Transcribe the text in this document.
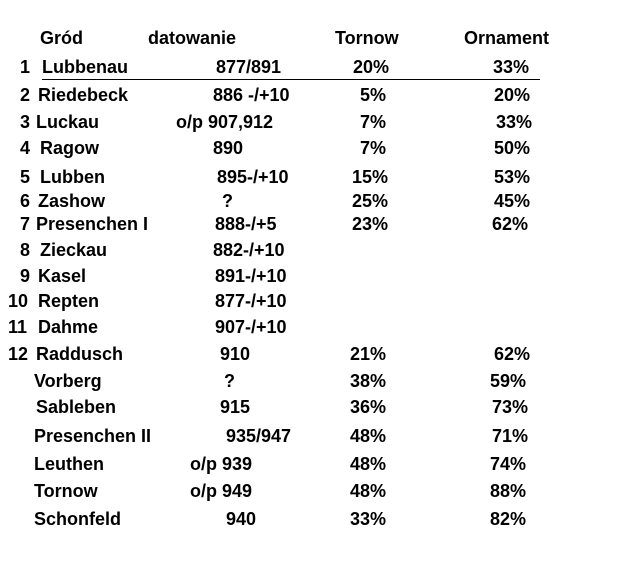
Gród	datowanie	Tornow	Ornament
1 Lubbenau	877/891	20%	33%
2 Riedebeck	886 -/+10	5%	20%
3 Luckau	o/p 907,912	7%	33%
4 Ragow	890	7%	50%
5 Lubben	895-/+10	15%	53%
6 Zashow	?	25%	45%
7 Presenchen I	888-/+5	23%	62%
8 Zieckau	882-/+10
9 Kasel	891-/+10
10 Repten	877-/+10
11 Dahme	907-/+10
12 Raddusch	910	21%	62%
Vorberg	?	38%	59%
Sableben	915	36%	73%
Presenchen II	935/947	48%	71%
Leuthen	o/p 939	48%	74%
Tornow	o/p 949	48%	88%
Schonfeld	940	33%	82%
